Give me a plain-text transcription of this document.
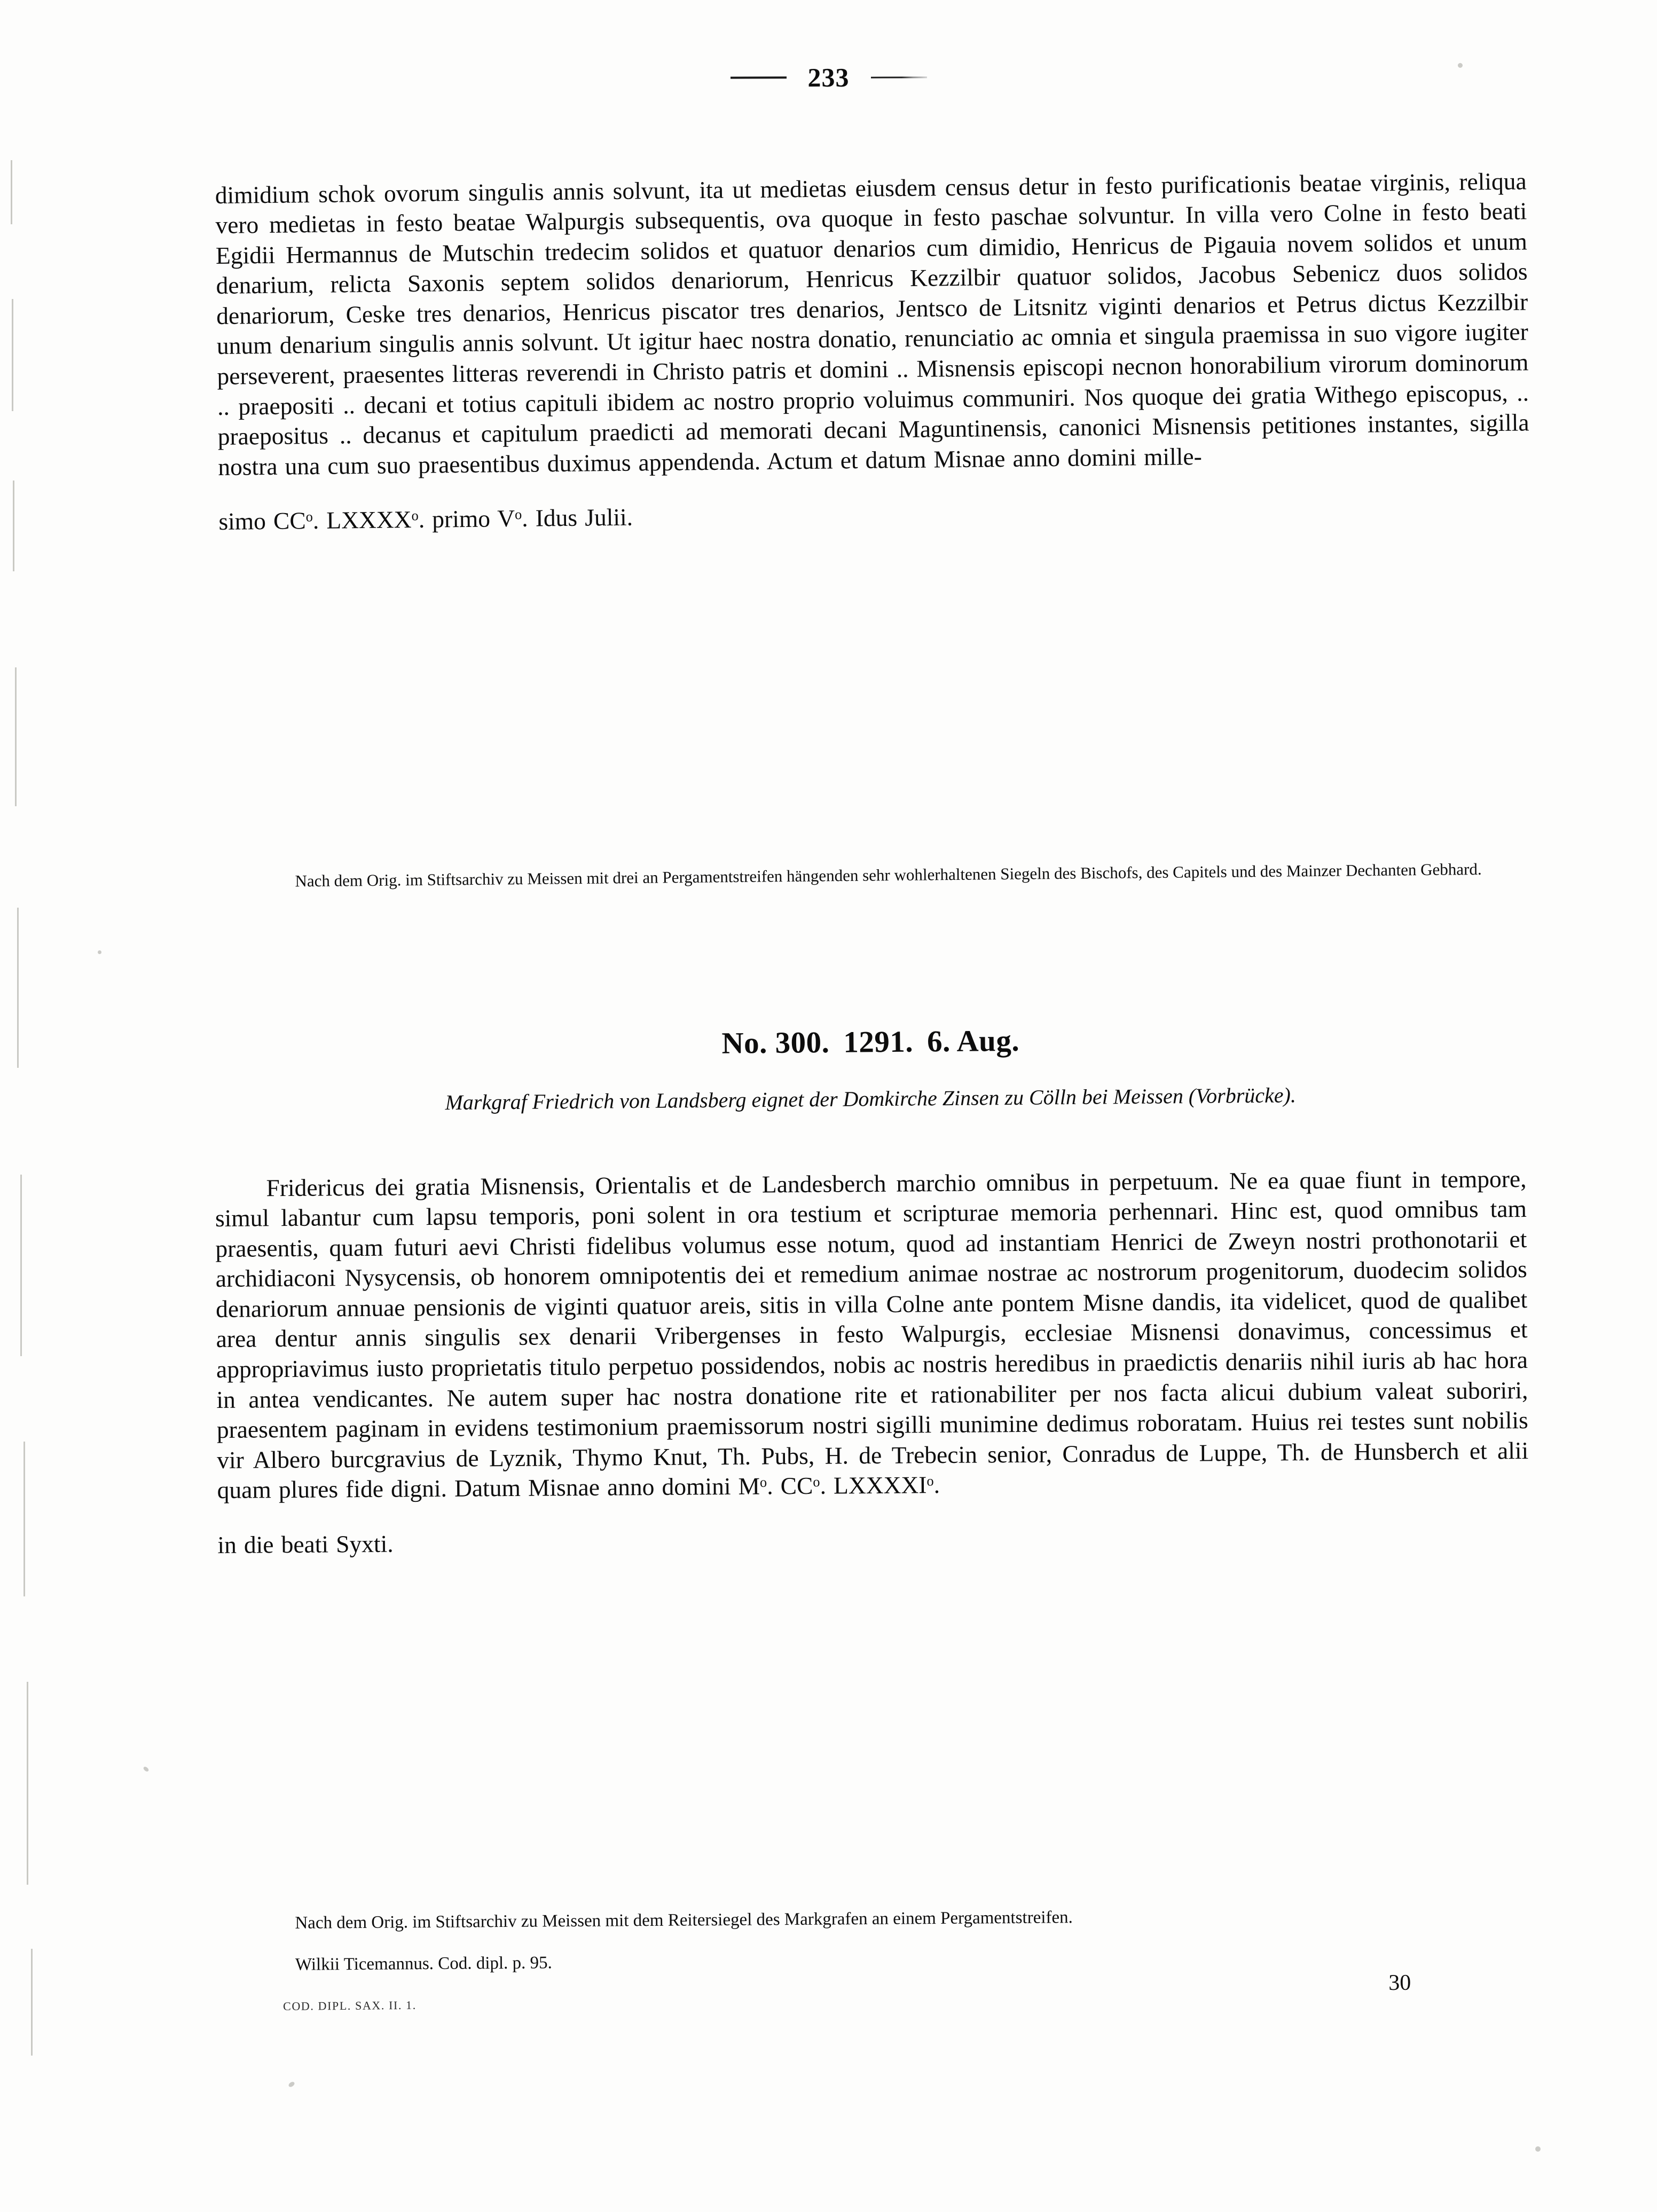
233

dimidium schok ovorum singulis annis solvunt, ita ut medietas eiusdem census detur in festo purificationis beatae virginis, reliqua vero medietas in festo beatae Walpurgis subsequentis, ova quoque in festo paschae solvuntur. In villa vero Colne in festo beati Egidii Hermannus de Mutschin tredecim solidos et quatuor denarios cum dimidio, Henricus de Pigauia novem solidos et unum denarium, relicta Saxonis septem solidos denariorum, Henricus Kezzilbir quatuor solidos, Jacobus Sebenicz duos solidos denariorum, Ceske tres denarios, Henricus piscator tres denarios, Jentsco de Litsnitz viginti denarios et Petrus dictus Kezzilbir unum denarium singulis annis solvunt. Ut igitur haec nostra donatio, renunciatio ac omnia et singula praemissa in suo vigore iugiter perseverent, praesentes litteras reverendi in Christo patris et domini .. Misnensis episcopi necnon honorabilium virorum dominorum .. praepositi .. decani et totius capituli ibidem ac nostro proprio voluimus communiri. Nos quoque dei gratia Withego episcopus, .. praepositus .. decanus et capitulum praedicti ad memorati decani Maguntinensis, canonici Misnensis petitiones instantes, sigilla nostra una cum suo praesentibus duximus appendenda. Actum et datum Misnae anno domini mille-

simo $CC^o$. LXXXX$^o$. primo $V^o$. Idus Julii.

Nach dem Orig. im Stiftsarchiv zu Meissen mit drei an Pergamentstreifen hängenden sehr wohlerhaltenen Siegeln des Bischofs, des Capitels und des Mainzer Dechanten Gebhard.

No. 300. 1291. 6. Aug.
Markgraf Friedrich von Landsberg eignet der Domkirche Zinsen zu Cölln bei Meissen (Vorbrücke).

Fridericus dei gratia Misnensis, Orientalis et de Landesberch marchio omnibus in perpetuum. Ne ea quae fiunt in tempore, simul labantur cum lapsu temporis, poni solent in ora testium et scripturae memoria perhennari. Hinc est, quod omnibus tam praesentis, quam futuri aevi Christi fidelibus volumus esse notum, quod ad instantiam Henrici de Zweyn nostri prothonotarii et archidiaconi Nysycensis, ob honorem omnipotentis dei et remedium animae nostrae ac nostrorum progenitorum, duodecim solidos denariorum annuae pensionis de viginti quatuor areis, sitis in villa Colne ante pontem Misne dandis, ita videlicet, quod de qualibet area dentur annis singulis sex denarii Vribergenses in festo Walpurgis, ecclesiae Misnensi donavimus, concessimus et appropriavimus iusto proprietatis titulo perpetuo possidendos, nobis ac nostris heredibus in praedictis denariis nihil iuris ab hac hora in antea vendicantes. Ne autem super hac nostra donatione rite et rationabiliter per nos facta alicui dubium valeat suboriri, praesentem paginam in evidens testimonium praemissorum nostri sigilli munimine dedimus roboratam. Huius rei testes sunt nobilis vir Albero burcgravius de Lyznik, Thymo Knut, Th. Pubs, H. de Trebecin senior, Conradus de Luppe, Th. de Hunsberch et alii quam plures fide digni. Datum Misnae anno domini $M^o$. $CC^o$. LXXXXI$^o$.

in die beati Syxti.

Nach dem Orig. im Stiftsarchiv zu Meissen mit dem Reitersiegel des Markgrafen an einem Pergamentstreifen.

Wilkii Ticemannus. Cod. dipl. p. 95.

COD. DIPL. SAX. II. 1.
30
